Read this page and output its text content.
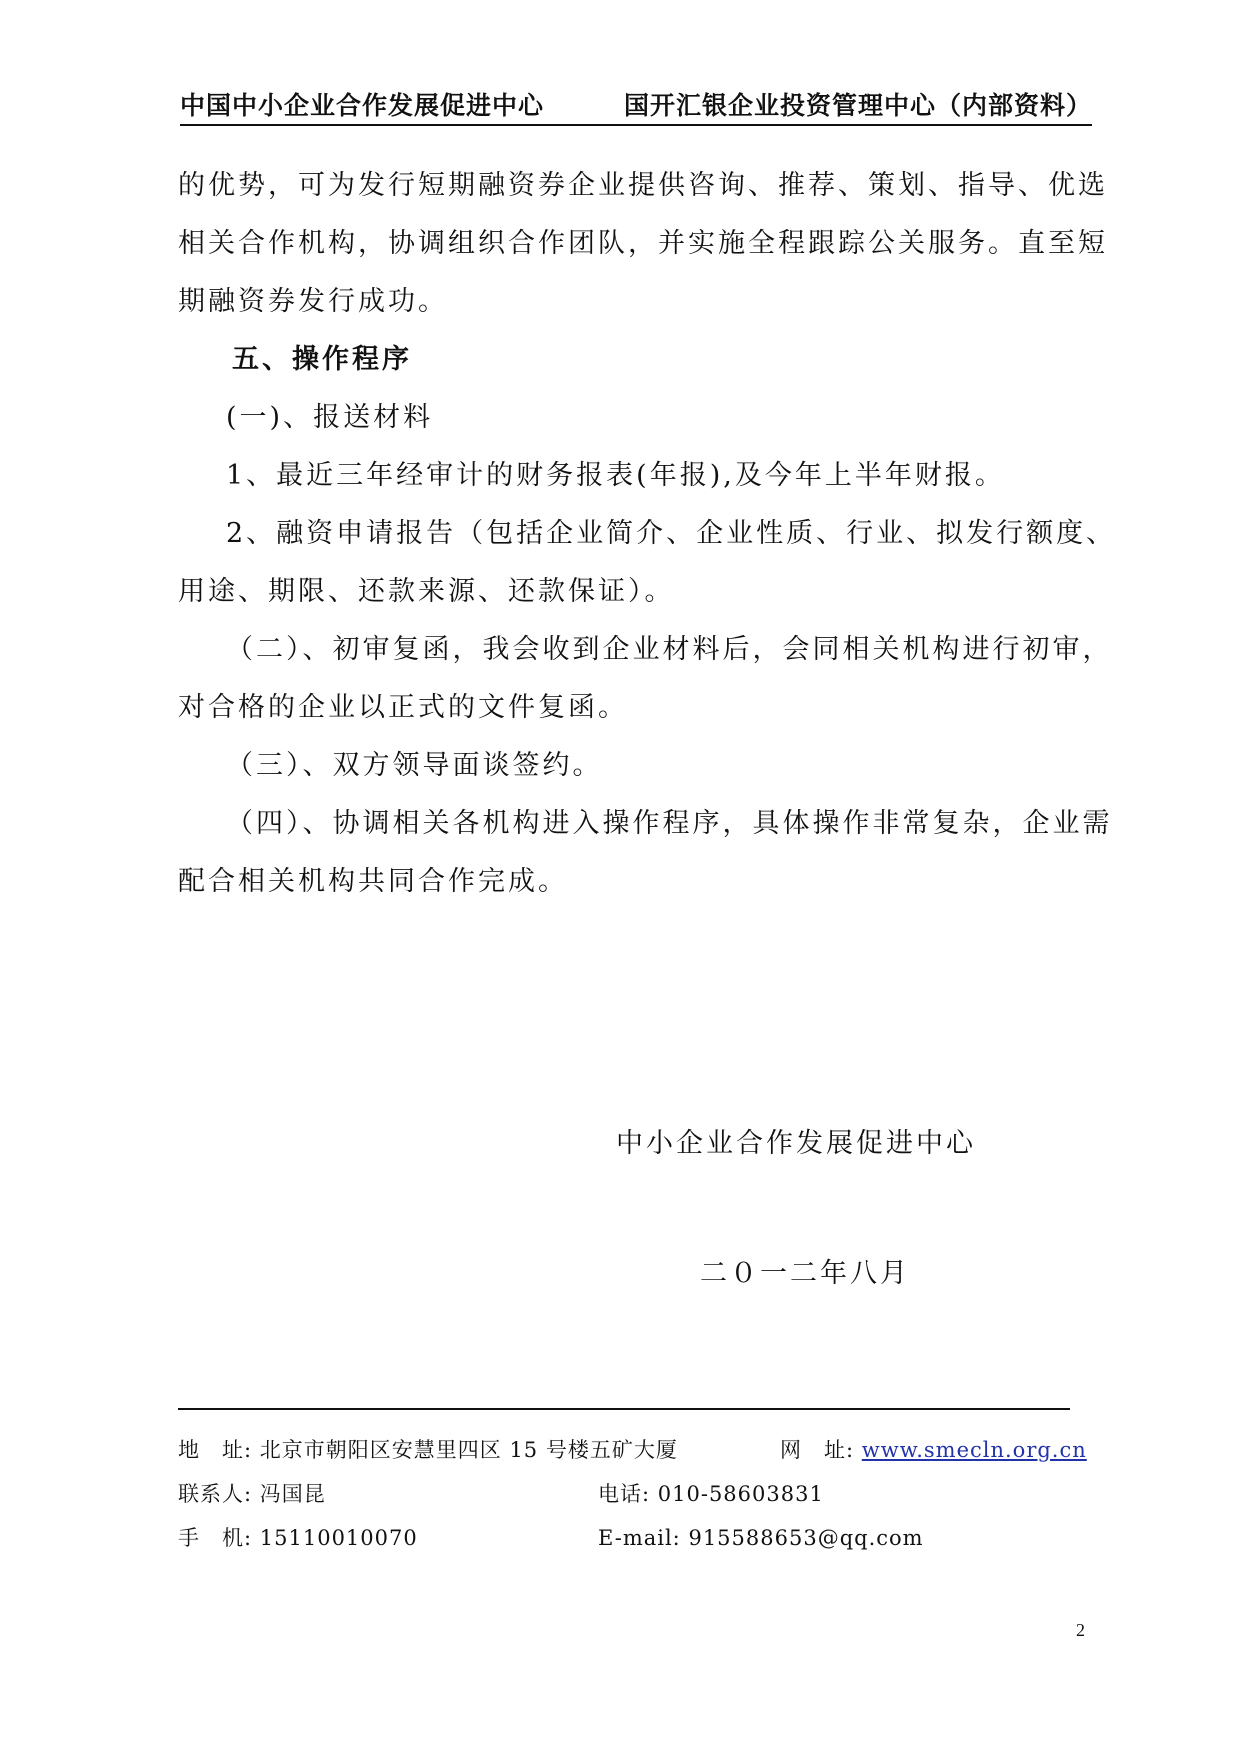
中国中小企业合作发展促进中心	国开汇银企业投资管理中心（内部资料）
的优势，可为发行短期融资券企业提供咨询、推荐、策划、指导、优选
相关合作机构，协调组织合作团队，并实施全程跟踪公关服务。直至短
期融资券发行成功。
五、操作程序
(一)、报送材料
1、最近三年经审计的财务报表(年报),及今年上半年财报。
2、融资申请报告（包括企业简介、企业性质、行业、拟发行额度、
用途、期限、还款来源、还款保证）。
（二）、初审复函，我会收到企业材料后，会同相关机构进行初审，
对合格的企业以正式的文件复函。
（三）、双方领导面谈签约。
（四）、协调相关各机构进入操作程序，具体操作非常复杂，企业需
配合相关机构共同合作完成。
中小企业合作发展促进中心
二０一二年八月
地　址: 北京市朝阳区安慧里四区 15 号楼五矿大厦	网　址: www.smecln.org.cn
联系人: 冯国昆	电话: 010-58603831
手　机: 15110010070	E-mail: 915588653@qq.com
2
